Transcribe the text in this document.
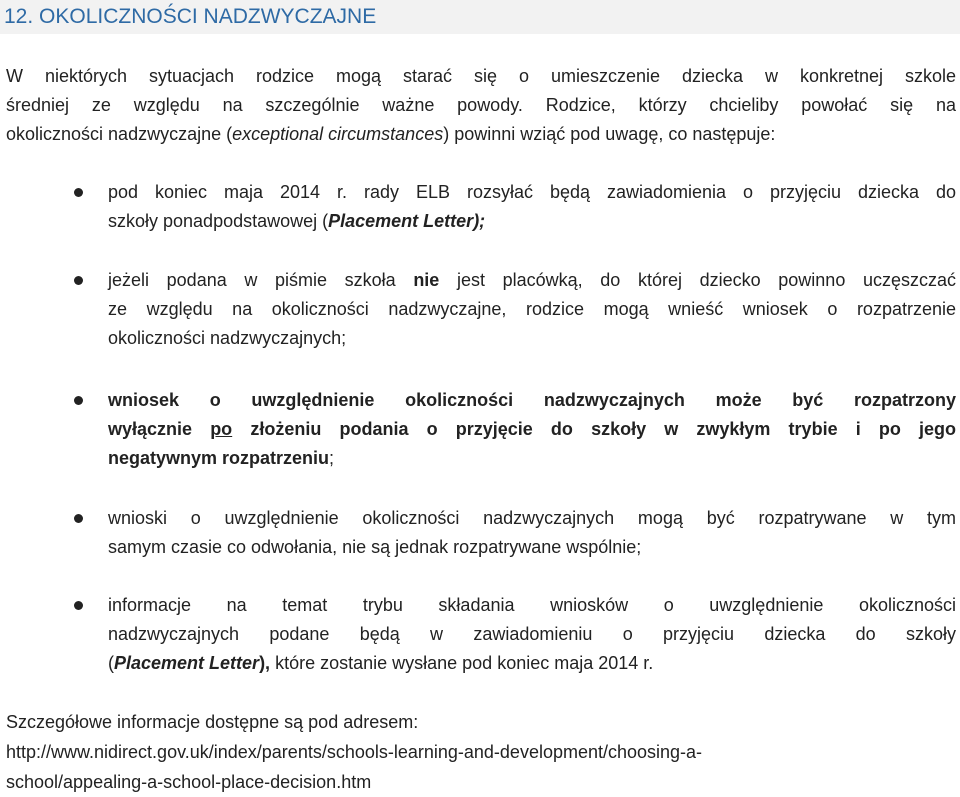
12. OKOLICZNOŚCI NADZWYCZAJNE
W niektórych sytuacjach rodzice mogą starać się o umieszczenie dziecka w konkretnej szkole
średniej ze względu na szczególnie ważne powody. Rodzice, którzy chcieliby powołać się na
okoliczności nadzwyczajne (exceptional circumstances) powinni wziąć pod uwagę, co następuje:
pod koniec maja 2014 r. rady ELB rozsyłać będą zawiadomienia o przyjęciu dziecka do
szkoły ponadpodstawowej (Placement Letter);
jeżeli podana w piśmie szkoła nie jest placówką, do której dziecko powinno uczęszczać
ze względu na okoliczności nadzwyczajne, rodzice mogą wnieść wniosek o rozpatrzenie
okoliczności nadzwyczajnych;
wniosek o uwzględnienie okoliczności nadzwyczajnych może być rozpatrzony
wyłącznie po złożeniu podania o przyjęcie do szkoły w zwykłym trybie i po jego
negatywnym rozpatrzeniu;
wnioski o uwzględnienie okoliczności nadzwyczajnych mogą być rozpatrywane w tym
samym czasie co odwołania, nie są jednak rozpatrywane wspólnie;
informacje na temat trybu składania wniosków o uwzględnienie okoliczności
nadzwyczajnych podane będą w zawiadomieniu o przyjęciu dziecka do szkoły
(Placement Letter), które zostanie wysłane pod koniec maja 2014 r.
Szczegółowe informacje dostępne są pod adresem:
http://www.nidirect.gov.uk/index/parents/schools-learning-and-development/choosing-a-
school/appealing-a-school-place-decision.htm
